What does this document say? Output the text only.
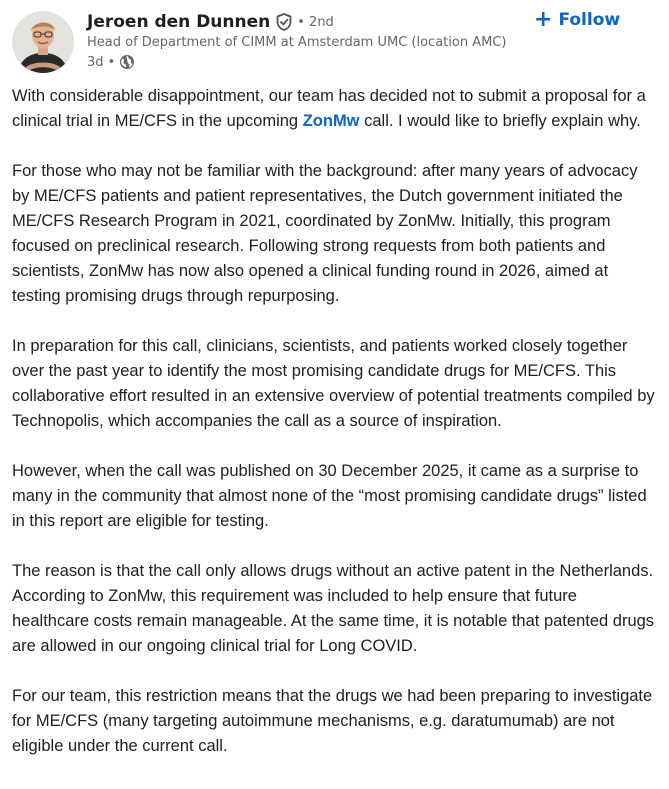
Jeroen den Dunnen • 2nd
Head of Department of CIMM at Amsterdam UMC (location AMC)
3d •
+ Follow

With considerable disappointment, our team has decided not to submit a proposal for a clinical trial in ME/CFS in the upcoming ZonMw call. I would like to briefly explain why.

For those who may not be familiar with the background: after many years of advocacy by ME/CFS patients and patient representatives, the Dutch government initiated the ME/CFS Research Program in 2021, coordinated by ZonMw. Initially, this program focused on preclinical research. Following strong requests from both patients and scientists, ZonMw has now also opened a clinical funding round in 2026, aimed at testing promising drugs through repurposing.

In preparation for this call, clinicians, scientists, and patients worked closely together over the past year to identify the most promising candidate drugs for ME/CFS. This collaborative effort resulted in an extensive overview of potential treatments compiled by Technopolis, which accompanies the call as a source of inspiration.

However, when the call was published on 30 December 2025, it came as a surprise to many in the community that almost none of the “most promising candidate drugs” listed in this report are eligible for testing.

The reason is that the call only allows drugs without an active patent in the Netherlands. According to ZonMw, this requirement was included to help ensure that future healthcare costs remain manageable. At the same time, it is notable that patented drugs are allowed in our ongoing clinical trial for Long COVID.

For our team, this restriction means that the drugs we had been preparing to investigate for ME/CFS (many targeting autoimmune mechanisms, e.g. daratumumab) are not eligible under the current call.
